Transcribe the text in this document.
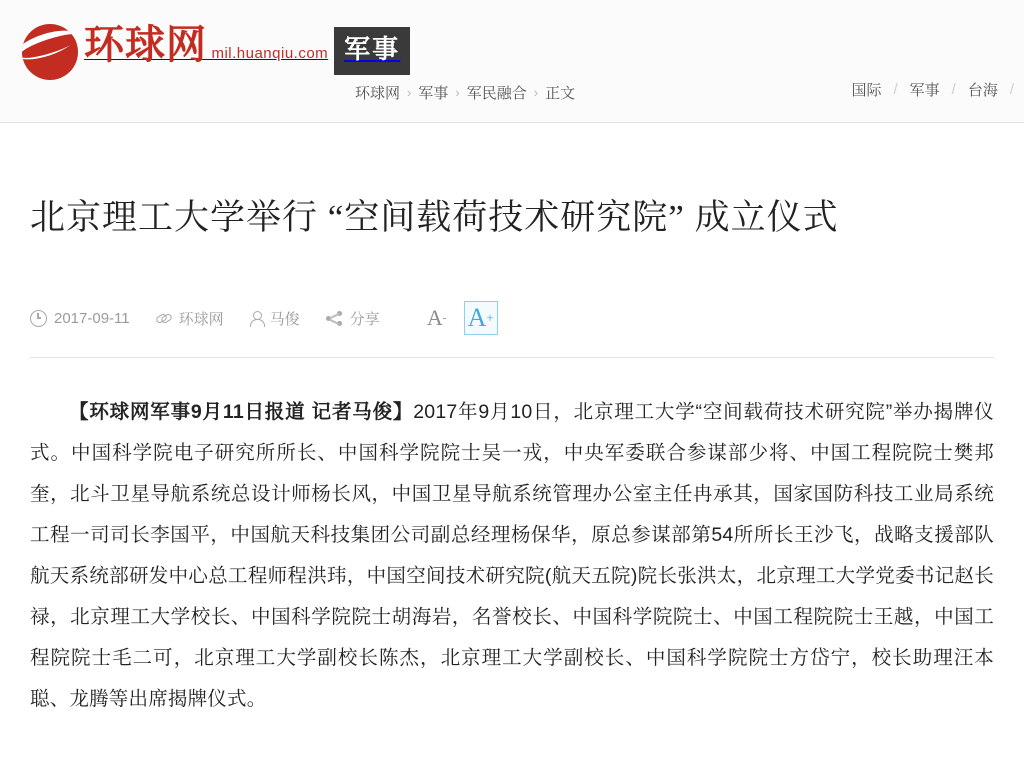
环球网 mil.huanqiu.com 军事
环球网 › 军事 › 军民融合 › 正文	国际 / 军事 / 台海 /
北京理工大学举行 “空间载荷技术研究院” 成立仪式
2017-09-11	环球网	马俊	分享 A - A +

【环球网军事9月11日报道 记者马俊】2017年9月10日，北京理工大学“空间载荷技术研究院”举办揭牌仪式。中国科学院电子研究所所长、中国科学院院士吴一戎，中央军委联合参谋部少将、中国工程院院士樊邦奎，北斗卫星导航系统总设计师杨长风，中国卫星导航系统管理办公室主任冉承其，国家国防科技工业局系统工程一司司长李国平，中国航天科技集团公司副总经理杨保华，原总参谋部第54所所长王沙飞，战略支援部队航天系统部研发中心总工程师程洪玮，中国空间技术研究院(航天五院)院长张洪太，北京理工大学党委书记赵长禄，北京理工大学校长、中国科学院院士胡海岩，名誉校长、中国科学院院士、中国工程院院士王越，中国工程院院士毛二可，北京理工大学副校长陈杰，北京理工大学副校长、中国科学院院士方岱宁，校长助理汪本聪、龙腾等出席揭牌仪式。
